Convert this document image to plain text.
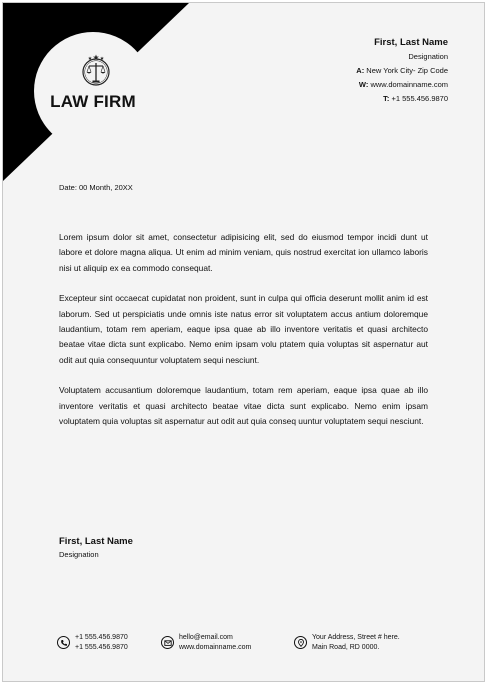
LAW FIRM
First, Last Name
Designation
A: New York City- Zip Code
W: www.domainname.com
T: +1 555.456.9870
Date: 00 Month, 20XX

Lorem ipsum dolor sit amet, consectetur adipisicing elit, sed do eiusmod tempor incidi dunt ut labore et dolore magna aliqua. Ut enim ad minim veniam, quis nostrud exercitat ion ullamco laboris nisi ut aliquip ex ea commodo consequat.

Excepteur sint occaecat cupidatat non proident, sunt in culpa qui officia deserunt mollit anim id est laborum. Sed ut perspiciatis unde omnis iste natus error sit voluptatem accus antium doloremque laudantium, totam rem aperiam, eaque ipsa quae ab illo inventore veritatis et quasi architecto beatae vitae dicta sunt explicabo. Nemo enim ipsam volu ptatem quia voluptas sit aspernatur aut odit aut quia consequuntur voluptatem sequi nesciunt.

Voluptatem accusantium doloremque laudantium, totam rem aperiam, eaque ipsa quae ab illo inventore veritatis et quasi architecto beatae vitae dicta sunt explicabo. Nemo enim ipsam voluptatem quia voluptas sit aspernatur aut odit aut quia conseq uuntur voluptatem sequi nesciunt.

First, Last Name
Designation
+1 555.456.9870
+1 555.456.9870
hello@email.com
www.domainname.com
Your Address, Street # here.
Main Road, RD 0000.
